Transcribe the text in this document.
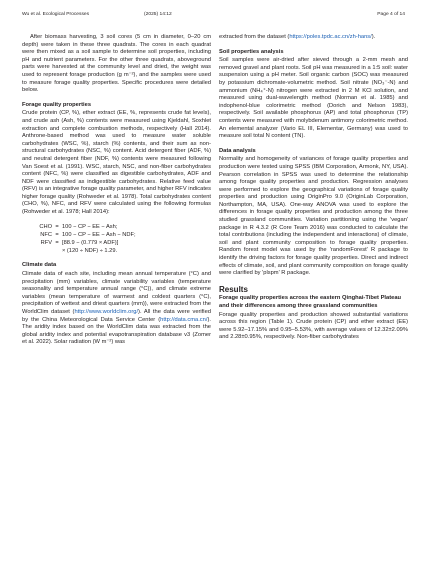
Wu et al. Ecological Processes	(2025) 14:12	Page 4 of 14

After biomass harvesting, 3 soil cores (5 cm in diameter, 0–20 cm depth) were taken in these three quadrats. The cores in each quadrat were then mixed as a soil sample to determine soil properties, including pH and nutrient parameters. For the other three quadrats, aboveground parts were harvested at the community level and dried, the weight was used to represent forage production (g m⁻²), and the samples were used to measure forage quality properties. Specific procedures were detailed below.

Forage quality properties

Crude protein (CP, %), ether extract (EE, %, represents crude fat levels), and crude ash (Ash, %) contents were measured using Kjeldahl, Soxhlet extraction and complete combustion methods, respectively (Hall 2014). Anthrone-based method was used to measure water soluble carbohydrates (WSC, %), starch (%) contents, and their sum as non-structural carbohydrates (NSC, %) content. Acid detergent fiber (ADF, %) and neutral detergent fiber (NDF, %) contents were measured following Van Soest et al. (1991). WSC, starch, NSC, and non-fiber carbohydrates content (NFC, %) were classified as digestible carbohydrates, ADF and NDF were classified as indigestible carbohydrates. Relative feed value (RFV) is an integrative forage quality parameter, and higher RFV indicates higher forage quality (Rohweder et al. 1978). Total carbohydrates content (CHO, %), NFC, and RFV were calculated using the following formulas (Rohweder et al. 1978; Hall 2014):

CHO = 100 − CP − EE − Ash;
NFC = 100 − CP − EE − Ash − NDF;
RFV = [88.9 − (0.779 × ADF)]
× (120 ÷ NDF) ÷ 1.29.
Climate data

Climate data of each site, including mean annual temperature (°C) and precipitation (mm) variables, climate variability variables (temperature seasonality and temperature annual range (°C)), and climate extreme variables (mean temperature of warmest and coldest quarters (°C), precipitation of wettest and driest quarters (mm)), were extracted from the WorldClim dataset (http://www.worldclim.org/). All the data were verified by the China Meteorological Data Service Center (http://data.cma.cn/). The aridity index based on the WorldClim data was extracted from the global aridity index and potential evapotranspiration database v3 (Zomer et al. 2022). Solar radiation (W m⁻²) was

extracted from the dataset (https://poles.tpdc.ac.cn/zh-hans/).

Soil properties analysis

Soil samples were air-dried after sieved through a 2-mm mesh and removed gravel and plant roots. Soil pH was measured in a 1:5 soil: water suspension using a pH meter. Soil organic carbon (SOC) was measured by potassium dichromate-volumetric method. Soil nitrate (NO₃⁻-N) and ammonium (NH₄⁺-N) nitrogen were extracted in 2 M KCl solution, and measured using dual-wavelength method (Norman et al. 1985) and indophenol-blue colorimetric method (Dorich and Nelson 1983), respectively. Soil available phosphorus (AP) and total phosphorus (TP) contents were measured with molybdenum antimony colorimetric method. An elemental analyzer (Vario EL III, Elementar, Germany) was used to measure soil total N content (TN).

Data analysis

Normality and homogeneity of variances of forage quality properties and production were tested using SPSS (IBM Corporation, Armonk, NY, USA). Pearson correlation in SPSS was used to determine the relationship among forage quality properties and production. Regression analyses were performed to explore the geographical variations of forage quality properties and production using OriginPro 9.0 (OriginLab Corporation, Northampton, MA, USA). One-way ANOVA was used to explore the differences in forage quality properties and production among the three studied grassland communities. Variation partitioning using the 'vegan' package in R 4.3.2 (R Core Team 2016) was conducted to calculate the total contributions (including the independent and interactions) of climate, soil and plant community composition to forage quality properties. Random forest model was used by the 'randomForest' R package to identify the driving factors for forage quality properties. Direct and indirect effects of climate, soil, and plant community composition on forage quality were clarified by 'plspm' R package.

Results
Forage quality properties across the eastern Qinghai-Tibet Plateau and their differences among three grassland communities

Forage quality properties and production showed substantial variations across this region (Table 1). Crude protein (CP) and ether extract (EE) were 5.92–17.15% and 0.95–5.53%, with average values of 12.32±2.09% and 2.28±0.95%, respectively. Non-fiber carbohydrates
